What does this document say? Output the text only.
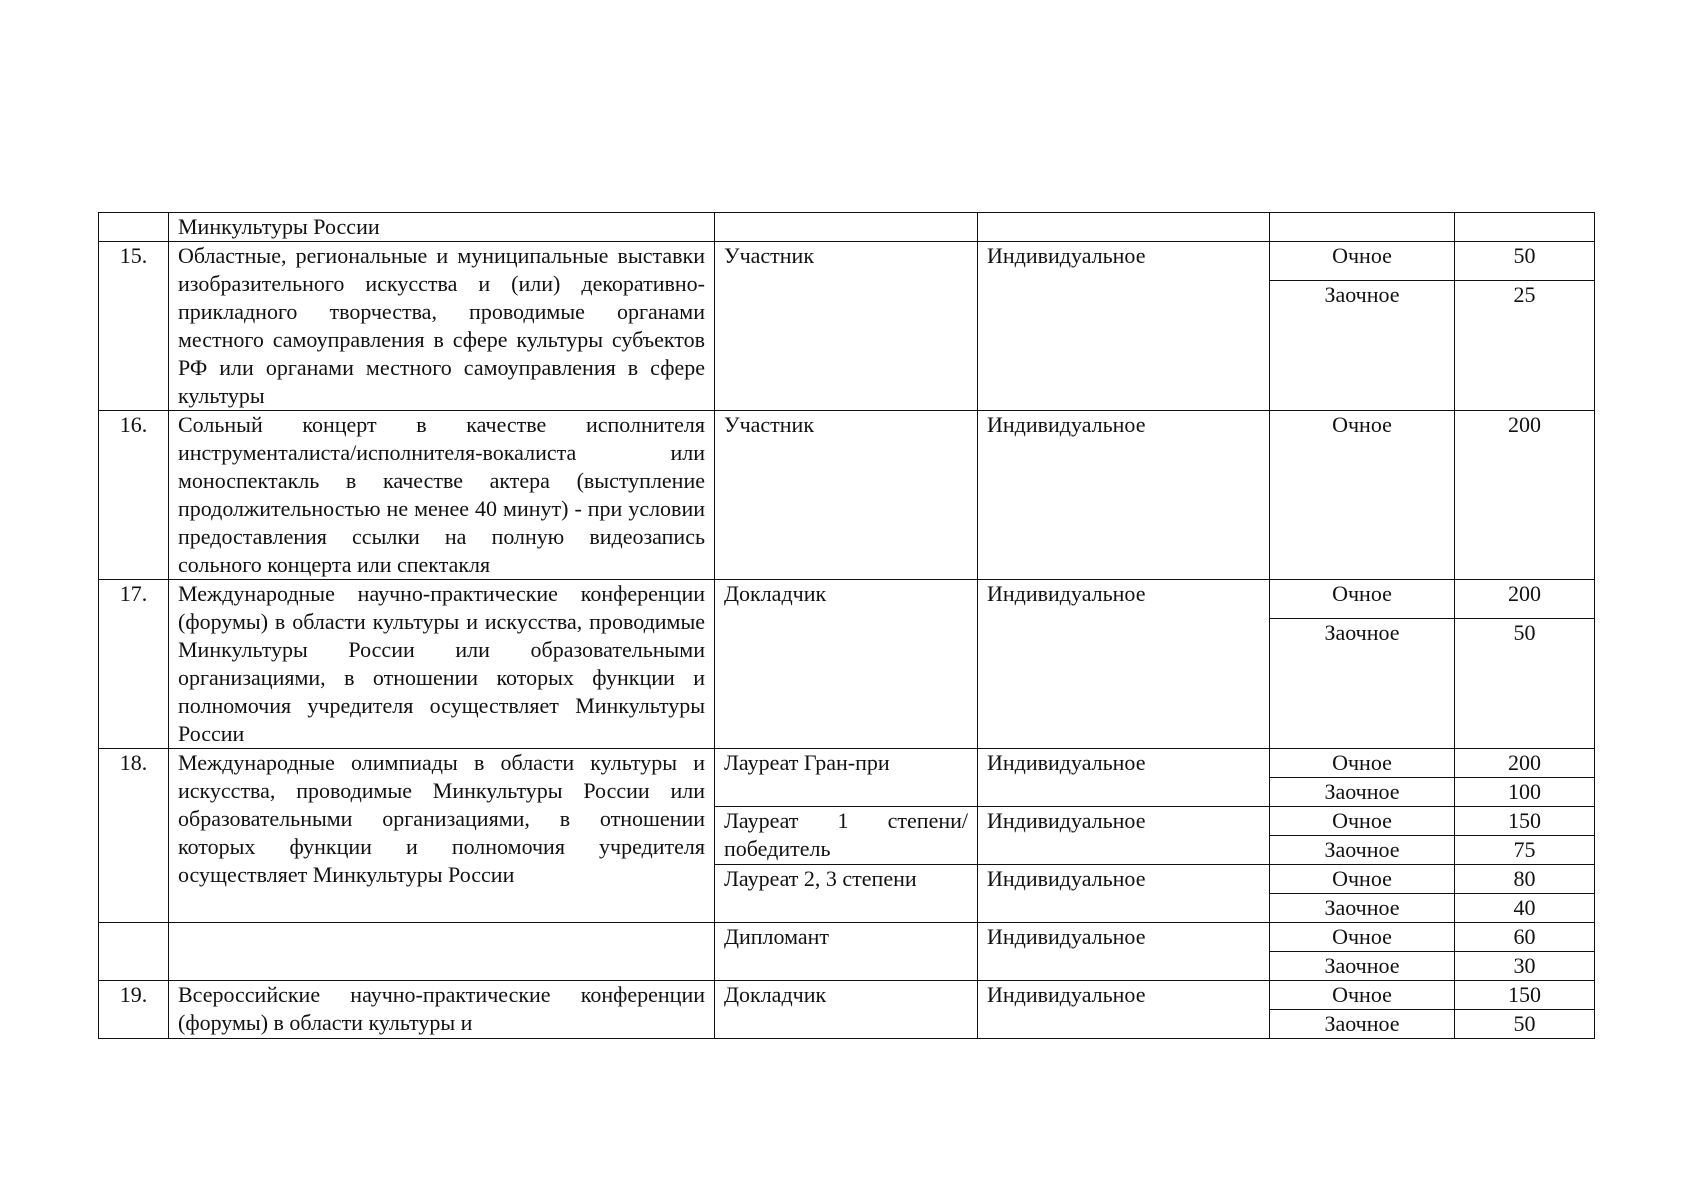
	Минкультуры России				
15.	Областные, региональные и муниципальные выставки изобразительного искусства и (или) декоративно-прикладного творчества, проводимые органами местного самоуправления в сфере культуры субъектов РФ или органами местного самоуправления в сфере культуры	Участник	Индивидуальное	Очное	50
				Заочное	25
16.	Сольный концерт в качестве исполнителя инструменталиста/исполнителя-вокалиста или моноспектакль в качестве актера (выступление продолжительностью не менее 40 минут) - при условии предоставления ссылки на полную видеозапись сольного концерта или спектакля	Участник	Индивидуальное	Очное	200
17.	Международные научно-практические конференции (форумы) в области культуры и искусства, проводимые Минкультуры России или образовательными организациями, в отношении которых функции и полномочия учредителя осуществляет Минкультуры России	Докладчик	Индивидуальное	Очное	200
				Заочное	50
18.	Международные олимпиады в области культуры и искусства, проводимые Минкультуры России или образовательными организациями, в отношении которых функции и полномочия учредителя осуществляет Минкультуры России	Лауреат Гран-при	Индивидуальное	Очное	200
				Заочное	100
		Лауреат 1 степени/ победитель	Индивидуальное	Очное	150
				Заочное	75
		Лауреат 2, 3 степени	Индивидуальное	Очное	80
				Заочное	40
		Дипломант	Индивидуальное	Очное	60
				Заочное	30
19.	Всероссийские научно-практические конференции (форумы) в области культуры и	Докладчик	Индивидуальное	Очное	150
				Заочное	50
